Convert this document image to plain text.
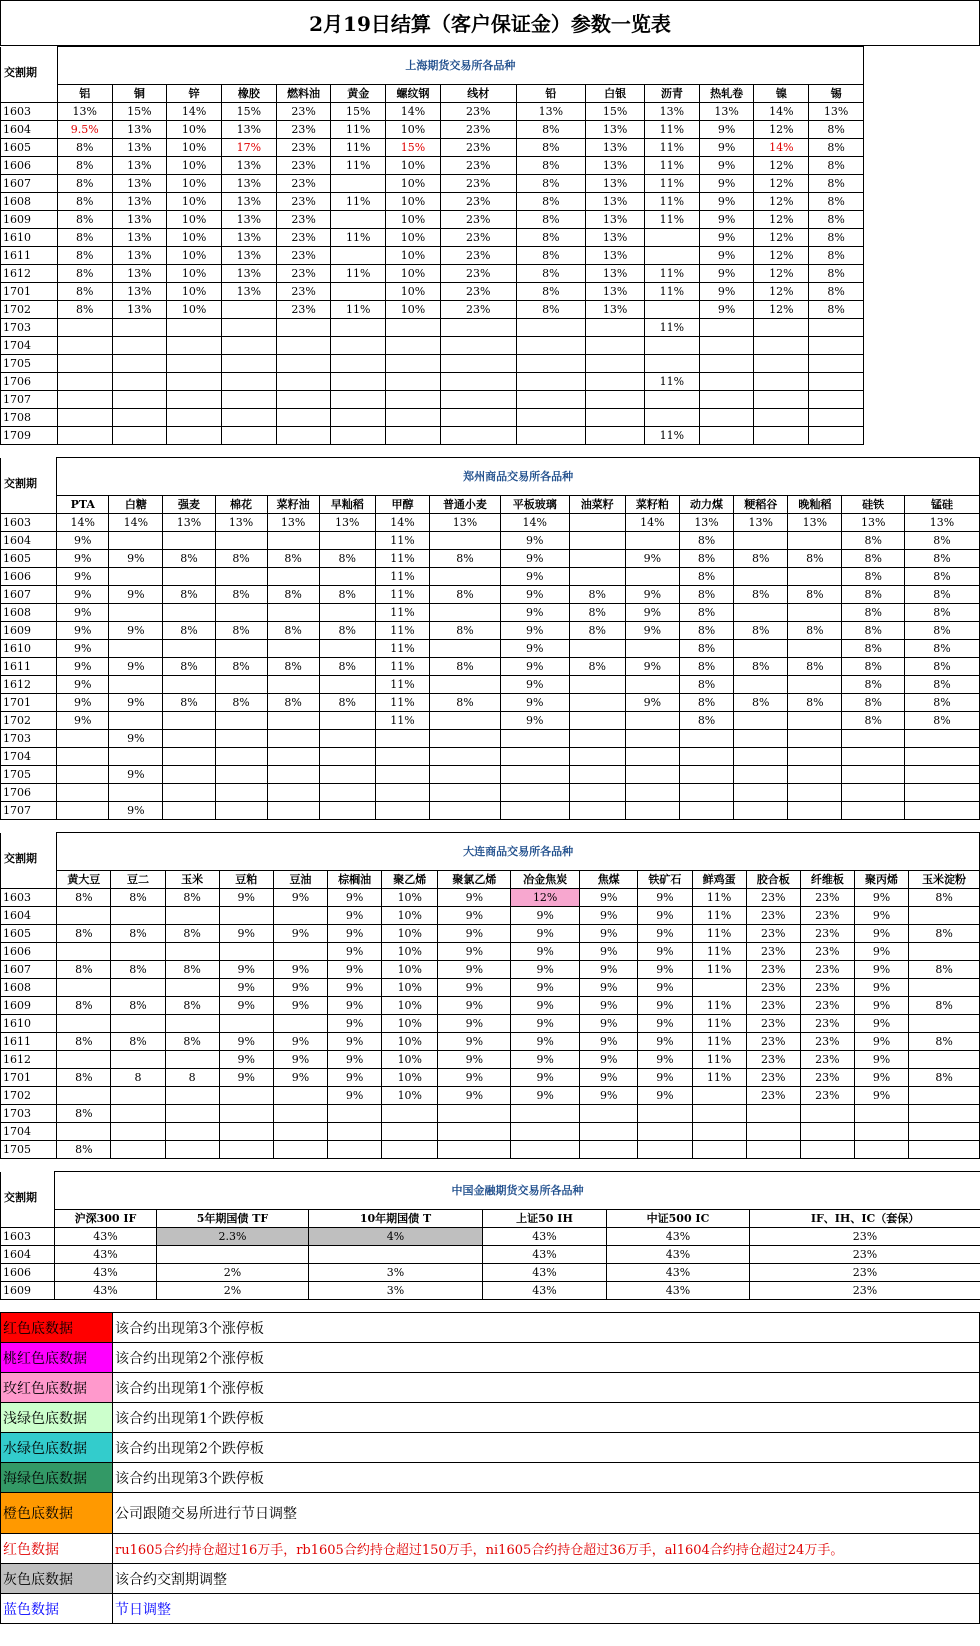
2月19日结算（客户保证金）参数一览表
	上海期货交易所各品种													
交割期														
	铝	铜	锌	橡胶	燃料油	黄金	螺纹钢	线材	铅	白银	沥青	热轧卷	镍	锡
1603	13%	15%	14%	15%	23%	15%	14%	23%	13%	15%	13%	13%	14%	13%
1604	9.5%	13%	10%	13%	23%	11%	10%	23%	8%	13%	11%	9%	12%	8%
1605	8%	13%	10%	17%	23%	11%	15%	23%	8%	13%	11%	9%	14%	8%
1606	8%	13%	10%	13%	23%	11%	10%	23%	8%	13%	11%	9%	12%	8%
1607	8%	13%	10%	13%	23%		10%	23%	8%	13%	11%	9%	12%	8%
1608	8%	13%	10%	13%	23%	11%	10%	23%	8%	13%	11%	9%	12%	8%
1609	8%	13%	10%	13%	23%		10%	23%	8%	13%	11%	9%	12%	8%
1610	8%	13%	10%	13%	23%	11%	10%	23%	8%	13%		9%	12%	8%
1611	8%	13%	10%	13%	23%		10%	23%	8%	13%		9%	12%	8%
1612	8%	13%	10%	13%	23%	11%	10%	23%	8%	13%	11%	9%	12%	8%
1701	8%	13%	10%	13%	23%		10%	23%	8%	13%	11%	9%	12%	8%
1702	8%	13%	10%		23%	11%	10%	23%	8%	13%		9%	12%	8%
1703											11%			
1704														
1705														
1706											11%			
1707														
1708														
1709											11%			
	郑州商品交易所各品种															
交割期																
	PTA	白糖	强麦	棉花	菜籽油	早籼稻	甲醇	普通小麦	平板玻璃	油菜籽	菜籽粕	动力煤	粳稻谷	晚籼稻	硅铁	锰硅
1603	14%	14%	13%	13%	13%	13%	14%	13%	14%		14%	13%	13%	13%	13%	13%
1604	9%						11%		9%			8%			8%	8%
1605	9%	9%	8%	8%	8%	8%	11%	8%	9%		9%	8%	8%	8%	8%	8%
1606	9%						11%		9%			8%			8%	8%
1607	9%	9%	8%	8%	8%	8%	11%	8%	9%	8%	9%	8%	8%	8%	8%	8%
1608	9%						11%		9%	8%	9%	8%			8%	8%
1609	9%	9%	8%	8%	8%	8%	11%	8%	9%	8%	9%	8%	8%	8%	8%	8%
1610	9%						11%		9%			8%			8%	8%
1611	9%	9%	8%	8%	8%	8%	11%	8%	9%	8%	9%	8%	8%	8%	8%	8%
1612	9%						11%		9%			8%			8%	8%
1701	9%	9%	8%	8%	8%	8%	11%	8%	9%		9%	8%	8%	8%	8%	8%
1702	9%						11%		9%			8%			8%	8%
1703		9%														
1704																
1705		9%														
1706																
1707		9%														
	大连商品交易所各品种															
交割期																
	黄大豆	豆二	玉米	豆粕	豆油	棕榈油	聚乙烯	聚氯乙烯	冶金焦炭	焦煤	铁矿石	鲜鸡蛋	胶合板	纤维板	聚丙烯	玉米淀粉
1603	8%	8%	8%	9%	9%	9%	10%	9%	12%	9%	9%	11%	23%	23%	9%	8%
1604						9%	10%	9%	9%	9%	9%	11%	23%	23%	9%	
1605	8%	8%	8%	9%	9%	9%	10%	9%	9%	9%	9%	11%	23%	23%	9%	8%
1606						9%	10%	9%	9%	9%	9%	11%	23%	23%	9%	
1607	8%	8%	8%	9%	9%	9%	10%	9%	9%	9%	9%	11%	23%	23%	9%	8%
1608				9%	9%	9%	10%	9%	9%	9%	9%		23%	23%	9%	
1609	8%	8%	8%	9%	9%	9%	10%	9%	9%	9%	9%	11%	23%	23%	9%	8%
1610						9%	10%	9%	9%	9%	9%	11%	23%	23%	9%	
1611	8%	8%	8%	9%	9%	9%	10%	9%	9%	9%	9%	11%	23%	23%	9%	8%
1612				9%	9%	9%	10%	9%	9%	9%	9%	11%	23%	23%	9%	
1701	8%	8	8	9%	9%	9%	10%	9%	9%	9%	9%	11%	23%	23%	9%	8%
1702						9%	10%	9%	9%	9%	9%		23%	23%	9%	
1703	8%															
1704																
1705	8%															
	中国金融期货交易所各品种					
交割期						
	沪深300 IF	5年期国债 TF	10年期国债 T	上证50 IH	中证500 IC	IF、IH、IC（套保）
1603	43%	2.3%	4%	43%	43%	23%
1604	43%			43%	43%	23%
1606	43%	2%	3%	43%	43%	23%
1609	43%	2%	3%	43%	43%	23%
红色底数据	该合约出现第3个涨停板
桃红色底数据	该合约出现第2个涨停板
玫红色底数据	该合约出现第1个涨停板
浅绿色底数据	该合约出现第1个跌停板
水绿色底数据	该合约出现第2个跌停板
海绿色底数据	该合约出现第3个跌停板
橙色底数据	公司跟随交易所进行节日调整
红色数据	ru1605合约持仓超过16万手，rb1605合约持仓超过150万手，ni1605合约持仓超过36万手，al1604合约持仓超过24万手。
灰色底数据	该合约交割期调整
蓝色数据	节日调整
